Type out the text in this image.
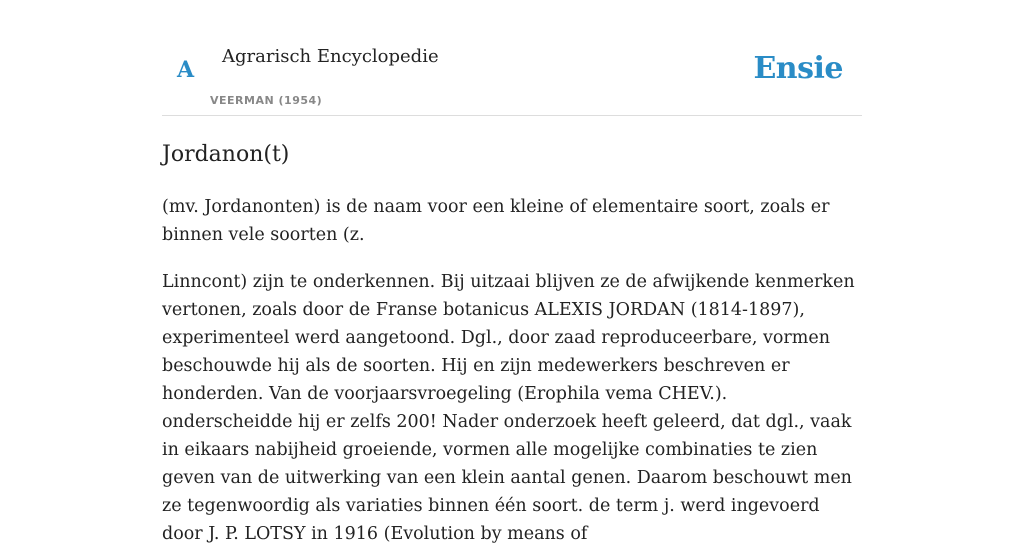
A
Agrarisch Encyclopedie
VEERMAN (1954)
Ensie
Jordanon(t)

(mv. Jordanonten) is de naam voor een kleine of elementaire soort, zoals er binnen vele soorten (z.

Linncont) zijn te onderkennen. Bij uitzaai blijven ze de afwijkende kenmerken vertonen, zoals door de Franse botanicus ALEXIS JORDAN (1814-1897), experimenteel werd aangetoond. Dgl., door zaad reproduceerbare, vormen beschouwde hij als de soorten. Hij en zijn medewerkers beschreven er honderden. Van de voorjaarsvroegeling (Erophila vema CHEV.). onderscheidde hij er zelfs 200! Nader onderzoek heeft geleerd, dat dgl., vaak in eikaars nabijheid groeiende, vormen alle mogelijke combinaties te zien geven van de uitwerking van een klein aantal genen. Daarom beschouwt men ze tegenwoordig als variaties binnen één soort. de term j. werd ingevoerd door J. P. LOTSY in 1916 (Evolution by means of
